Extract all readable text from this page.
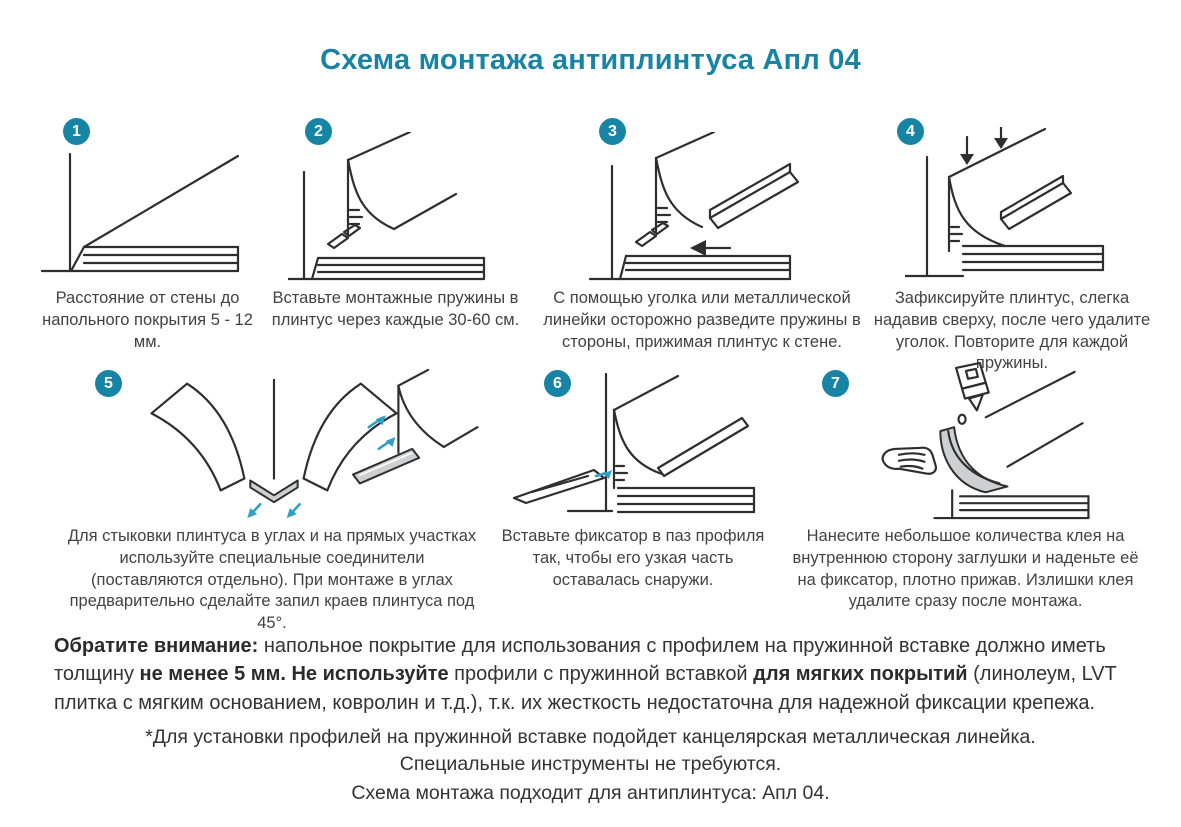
Схема монтажа антиплинтуса Апл 04
1
Расстояние от стены до напольного покрытия 5 - 12 мм.
2
Вставьте монтажные пружины в плинтус через каждые 30-60 см.
3
С помощью уголка или металлической линейки осторожно разведите пружины в стороны, прижимая плинтус к стене.
4
Зафиксируйте плинтус, слегка надавив сверху, после чего удалите уголок. Повторите для каждой пружины.
5
Для стыковки плинтуса в углах и на прямых участках используйте специальные соединители (поставляются отдельно). При монтаже в углах предварительно сделайте запил краев плинтуса под 45°.
6
Вставьте фиксатор в паз профиля так, чтобы его узкая часть оставалась снаружи.
7
Нанесите небольшое количества клея на внутреннюю сторону заглушки и наденьте её на фиксатор, плотно прижав. Излишки клея удалите сразу после монтажа.

Обратите внимание: напольное покрытие для использования с профилем на пружинной вставке должно иметь толщину не менее 5 мм. Не используйте профили с пружинной вставкой для мягких покрытий (линолеум, LVT плитка с мягким основанием, ковролин и т.д.), т.к. их жесткость недостаточна для надежной фиксации крепежа.

*Для установки профилей на пружинной вставке подойдет канцелярская металлическая линейка.
Специальные инструменты не требуются.
Схема монтажа подходит для антиплинтуса: Апл 04.
